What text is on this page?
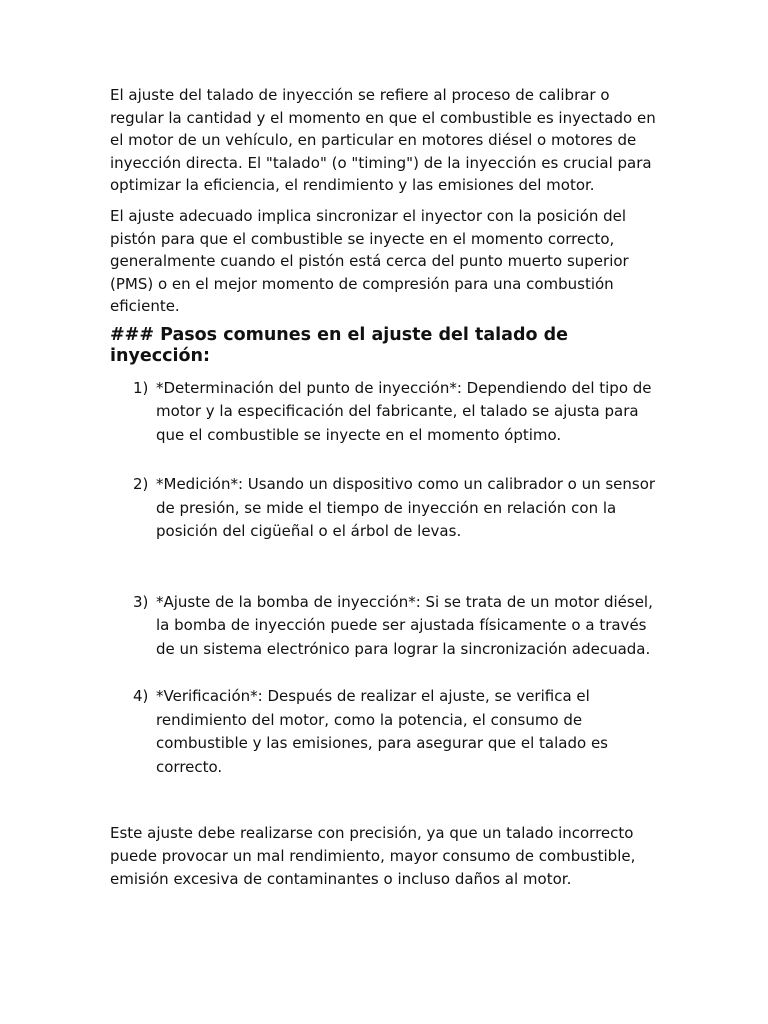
El ajuste del talado de inyección se refiere al proceso de calibrar o regular la cantidad y el momento en que el combustible es inyectado en el motor de un vehículo, en particular en motores diésel o motores de inyección directa. El "talado" (o "timing") de la inyección es crucial para optimizar la eficiencia, el rendimiento y las emisiones del motor.

El ajuste adecuado implica sincronizar el inyector con la posición del pistón para que el combustible se inyecte en el momento correcto, generalmente cuando el pistón está cerca del punto muerto superior (PMS) o en el mejor momento de compresión para una combustión eficiente.

### Pasos comunes en el ajuste del talado de inyección:
1) *Determinación del punto de inyección*: Dependiendo del tipo de motor y la especificación del fabricante, el talado se ajusta para que el combustible se inyecte en el momento óptimo.
2) *Medición*: Usando un dispositivo como un calibrador o un sensor de presión, se mide el tiempo de inyección en relación con la posición del cigüeñal o el árbol de levas.
3) *Ajuste de la bomba de inyección*: Si se trata de un motor diésel, la bomba de inyección puede ser ajustada físicamente o a través de un sistema electrónico para lograr la sincronización adecuada.
4) *Verificación*: Después de realizar el ajuste, se verifica el rendimiento del motor, como la potencia, el consumo de combustible y las emisiones, para asegurar que el talado es correcto.

Este ajuste debe realizarse con precisión, ya que un talado incorrecto puede provocar un mal rendimiento, mayor consumo de combustible, emisión excesiva de contaminantes o incluso daños al motor.
